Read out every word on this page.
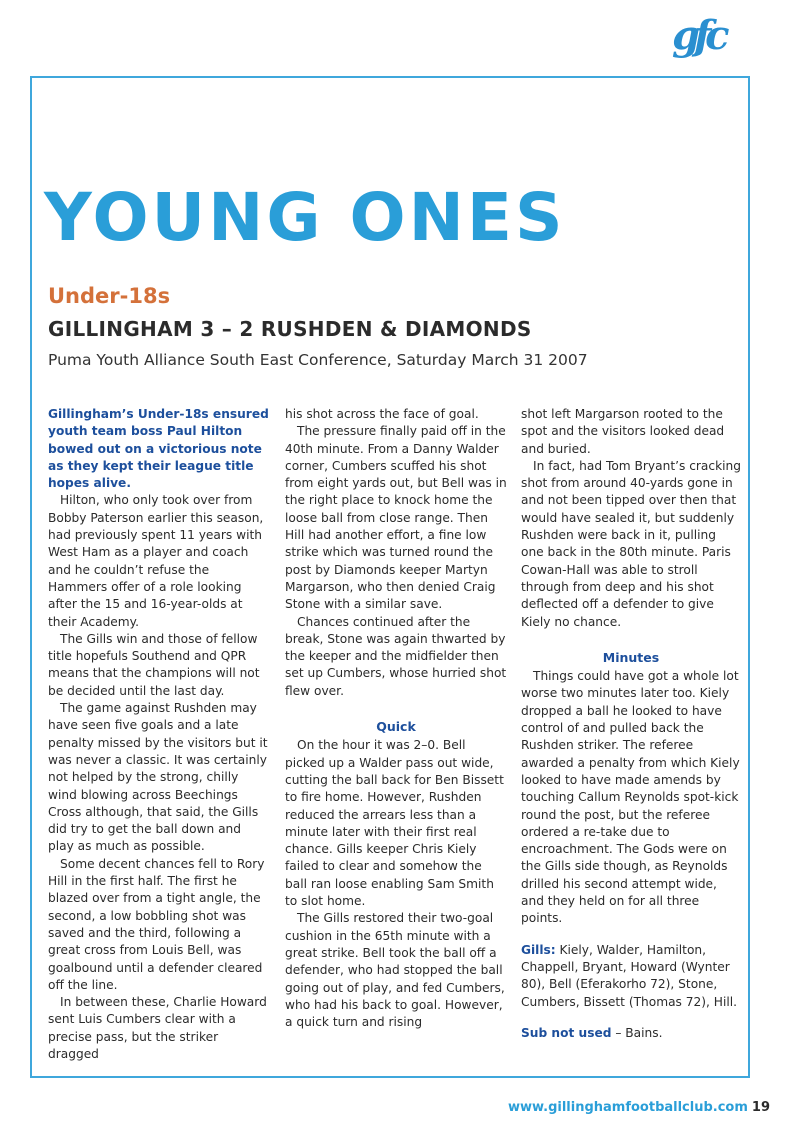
gfc
YOUNG ONES
Under-18s
GILLINGHAM 3 – 2 RUSHDEN & DIAMONDS
Puma Youth Alliance South East Conference, Saturday March 31 2007

Gillingham’s Under-18s ensured youth team boss Paul Hilton bowed out on a victorious note as they kept their league title hopes alive.

Hilton, who only took over from Bobby Paterson earlier this season, had previously spent 11 years with West Ham as a player and coach and he couldn’t refuse the Hammers offer of a role looking after the 15 and 16-year-olds at their Academy.

The Gills win and those of fellow title hopefuls Southend and QPR means that the champions will not be decided until the last day.

The game against Rushden may have seen five goals and a late penalty missed by the visitors but it was never a classic. It was certainly not helped by the strong, chilly wind blowing across Beechings Cross although, that said, the Gills did try to get the ball down and play as much as possible.

Some decent chances fell to Rory Hill in the first half. The first he blazed over from a tight angle, the second, a low bobbling shot was saved and the third, following a great cross from Louis Bell, was goalbound until a defender cleared off the line.

In between these, Charlie Howard sent Luis Cumbers clear with a precise pass, but the striker dragged

his shot across the face of goal.

The pressure finally paid off in the 40th minute. From a Danny Walder corner, Cumbers scuffed his shot from eight yards out, but Bell was in the right place to knock home the loose ball from close range. Then Hill had another effort, a fine low strike which was turned round the post by Diamonds keeper Martyn Margarson, who then denied Craig Stone with a similar save.

Chances continued after the break, Stone was again thwarted by the keeper and the midfielder then set up Cumbers, whose hurried shot flew over.

Quick

On the hour it was 2–0. Bell picked up a Walder pass out wide, cutting the ball back for Ben Bissett to fire home. However, Rushden reduced the arrears less than a minute later with their first real chance. Gills keeper Chris Kiely failed to clear and somehow the ball ran loose enabling Sam Smith to slot home.

The Gills restored their two-goal cushion in the 65th minute with a great strike. Bell took the ball off a defender, who had stopped the ball going out of play, and fed Cumbers, who had his back to goal. However, a quick turn and rising

shot left Margarson rooted to the spot and the visitors looked dead and buried.

In fact, had Tom Bryant’s cracking shot from around 40-yards gone in and not been tipped over then that would have sealed it, but suddenly Rushden were back in it, pulling one back in the 80th minute. Paris Cowan-Hall was able to stroll through from deep and his shot deflected off a defender to give Kiely no chance.

Minutes

Things could have got a whole lot worse two minutes later too. Kiely dropped a ball he looked to have control of and pulled back the Rushden striker. The referee awarded a penalty from which Kiely looked to have made amends by touching Callum Reynolds spot-kick round the post, but the referee ordered a re-take due to encroachment. The Gods were on the Gills side though, as Reynolds drilled his second attempt wide, and they held on for all three points.

Gills: Kiely, Walder, Hamilton, Chappell, Bryant, Howard (Wynter 80), Bell (Eferakorho 72), Stone, Cumbers, Bissett (Thomas 72), Hill.

Sub not used – Bains.

www.gillinghamfootballclub.com 19
